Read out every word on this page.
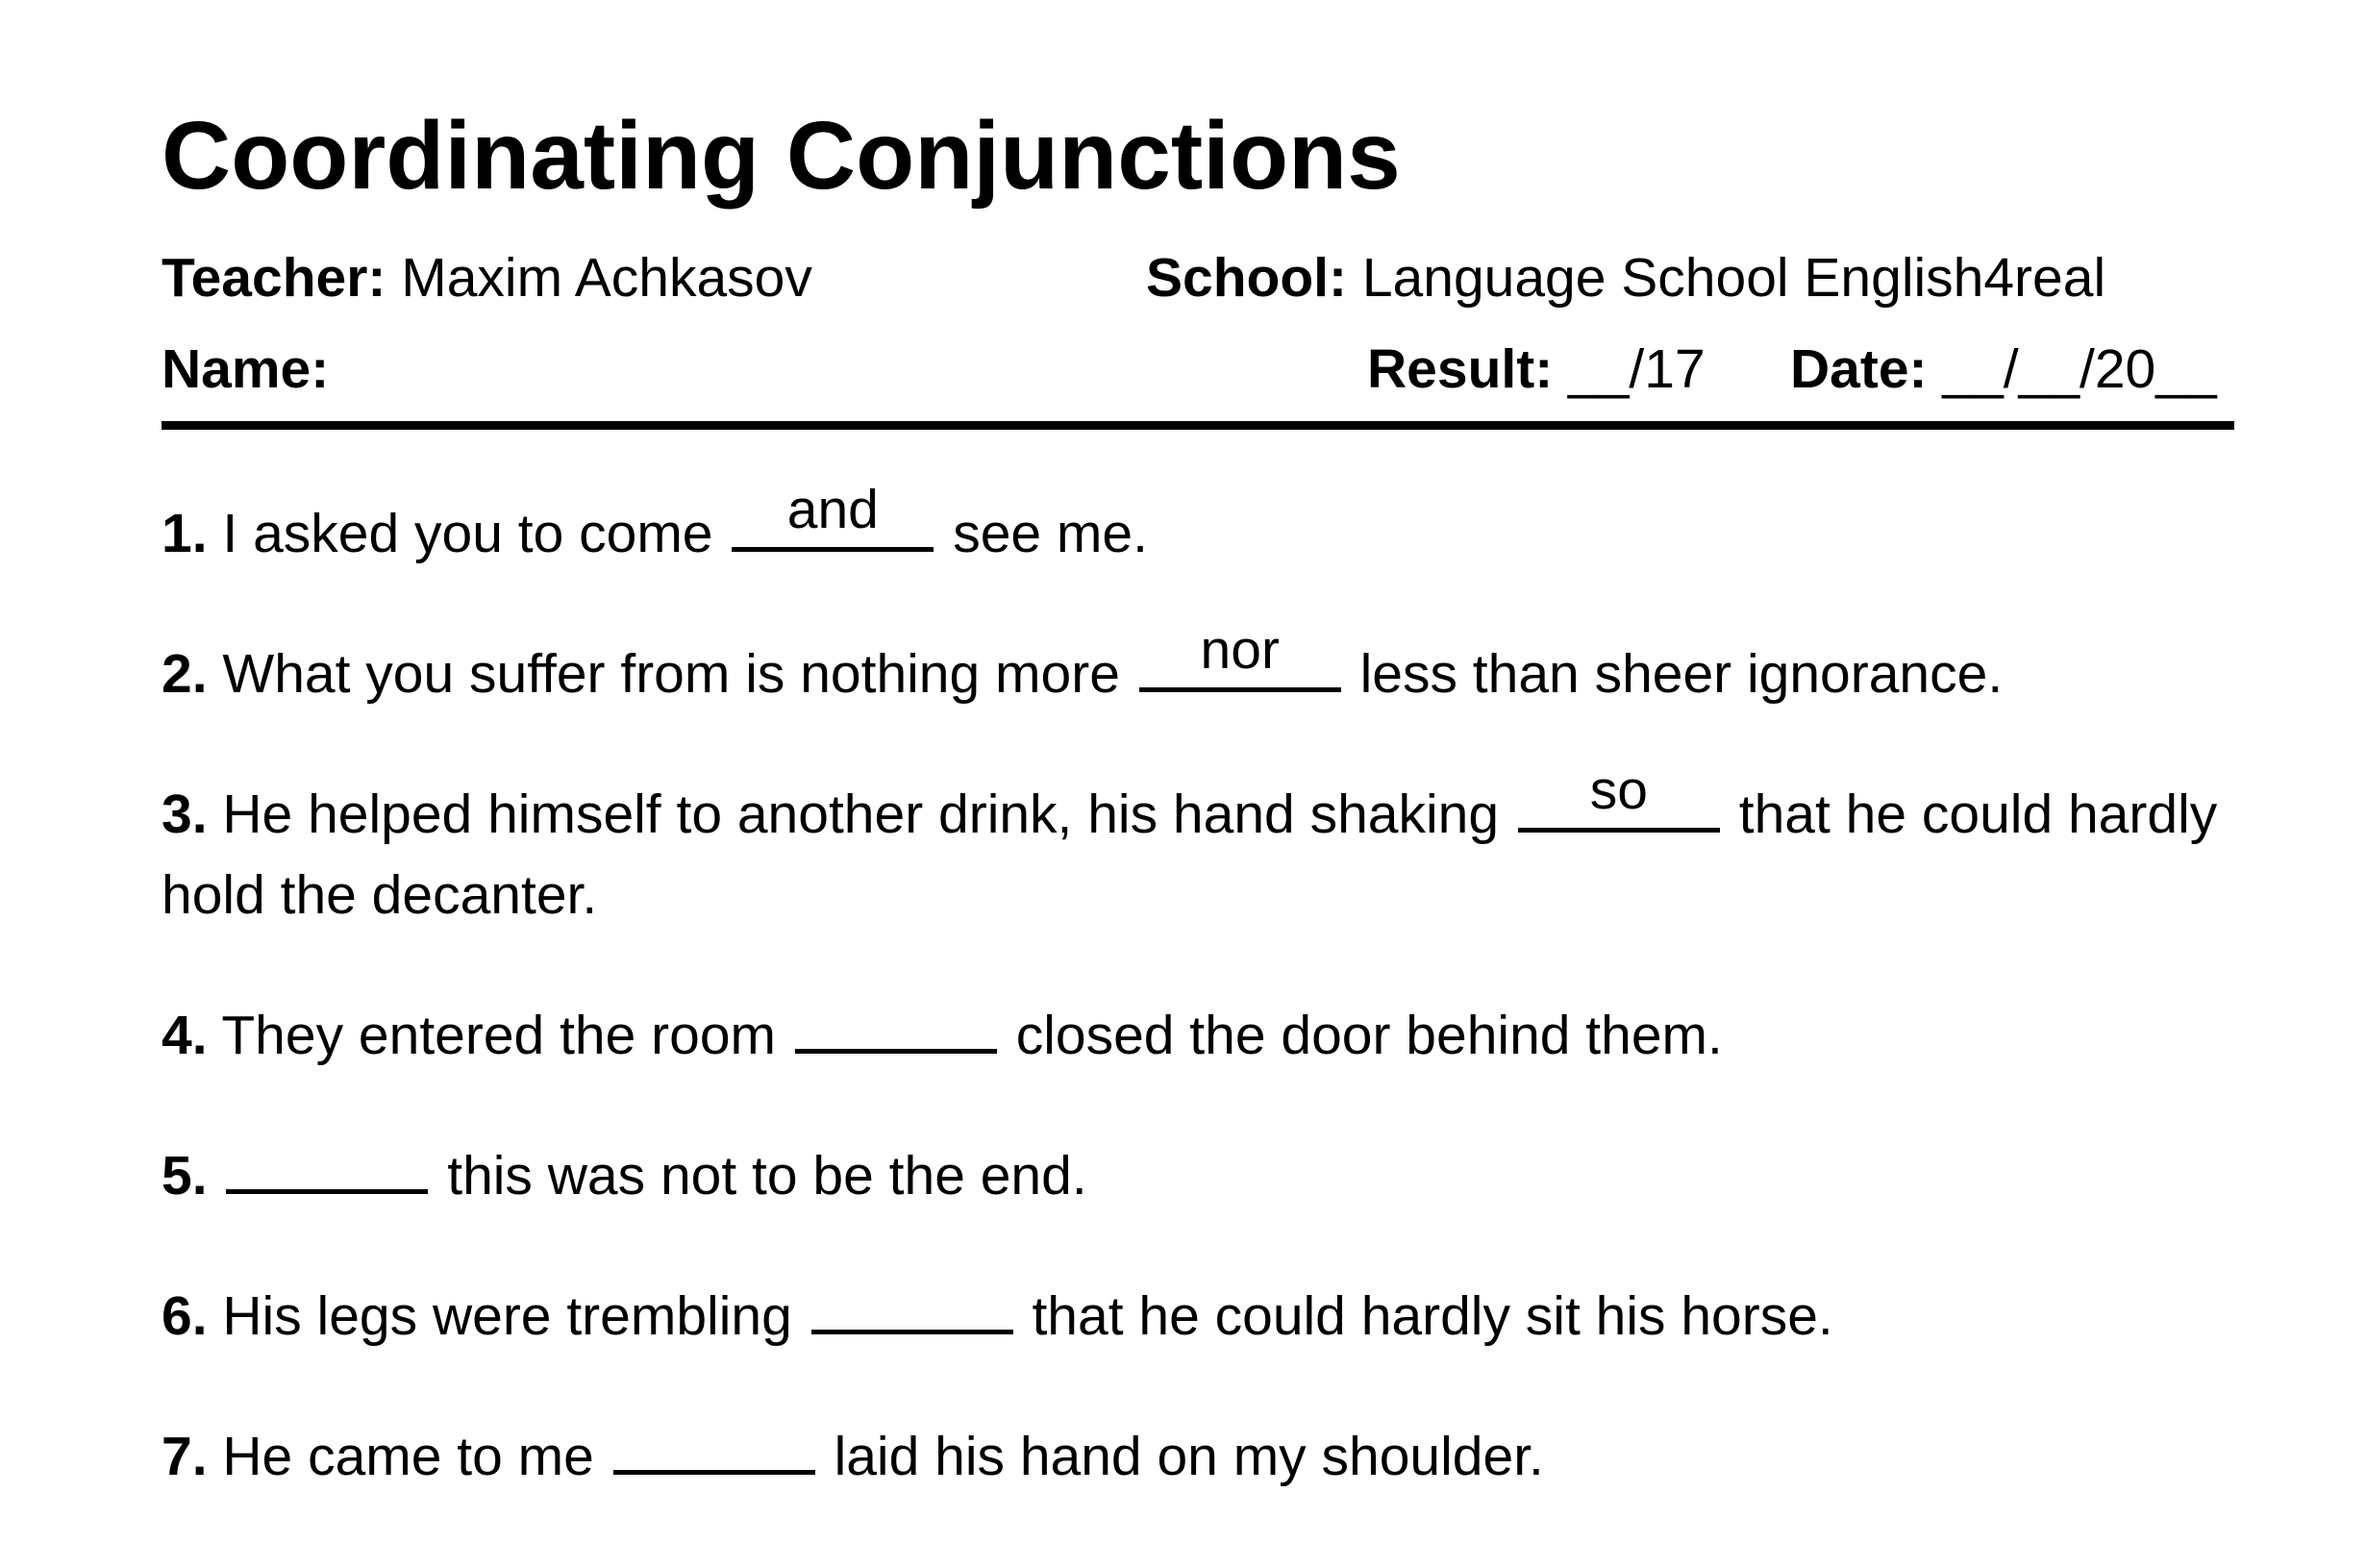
Coordinating Conjunctions
Teacher: Maxim Achkasov	School: Language School English4real
Name:	Result: __/17 Date: __/__/20__
1. I asked you to come	and	see me.
2. What you suffer from is nothing more	nor	less than sheer ignorance.
3. He helped himself to another drink, his hand shaking	so	that he could hardly hold the decanter.
4. They entered the room	closed the door behind them.
5.	this was not to be the end.
6. His legs were trembling	that he could hardly sit his horse.
7. He came to me	laid his hand on my shoulder.
